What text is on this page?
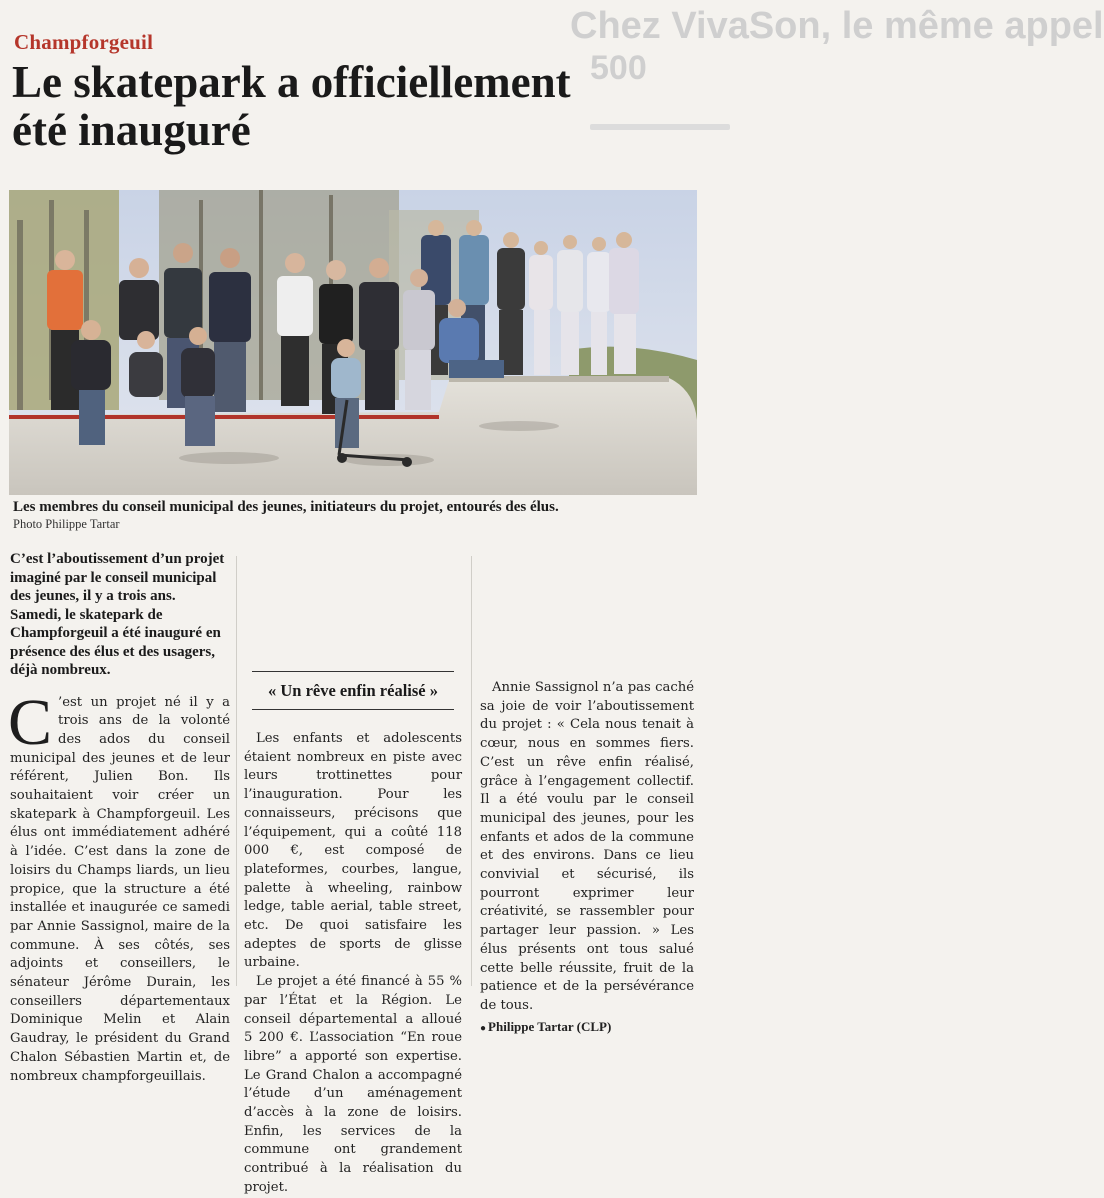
Chez VivaSon, le même appel
500
Champforgeuil
Le skatepark a officiellement été inauguré
Les membres du conseil municipal des jeunes, initiateurs du projet, entourés des élus.
Photo Philippe Tartar

C’est l’aboutissement d’un projet imaginé par le conseil municipal des jeunes, il y a trois ans. Samedi, le skatepark de Champforgeuil a été inauguré en présence des élus et des usagers, déjà nombreux.

C ’est un projet né il y a trois ans de la volonté des ados du conseil municipal des jeunes et de leur référent, Julien Bon. Ils souhaitaient voir créer un skatepark à Champforgeuil. Les élus ont immédiatement adhéré à l’idée. C’est dans la zone de loisirs du Champs liards, un lieu propice, que la structure a été installée et inaugurée ce samedi par Annie Sassignol, maire de la commune. À ses côtés, ses adjoints et conseillers, le sénateur Jérôme Durain, les conseillers départementaux Dominique Melin et Alain Gaudray, le président du Grand Chalon Sébastien Martin et, de nombreux champforgeuillais.

« Un rêve enfin réalisé »

Les enfants et adolescents étaient nombreux en piste avec leurs trottinettes pour l’inauguration. Pour les connaisseurs, précisons que l’équipement, qui a coûté 118 000 €, est composé de plateformes, courbes, langue, palette à wheeling, rainbow ledge, table aerial, table street, etc. De quoi satisfaire les adeptes de sports de glisse urbaine.

Le projet a été financé à 55 % par l’État et la Région. Le conseil départemental a alloué 5 200 €. L’association “En roue libre” a apporté son expertise. Le Grand Chalon a accompagné l’étude d’un aménagement d’accès à la zone de loisirs. Enfin, les services de la commune ont grandement contribué à la réalisation du projet.

Annie Sassignol n’a pas caché sa joie de voir l’aboutissement du projet : « Cela nous tenait à cœur, nous en sommes fiers. C’est un rêve enfin réalisé, grâce à l’engagement collectif. Il a été voulu par le conseil municipal des jeunes, pour les enfants et ados de la commune et des environs. Dans ce lieu convivial et sécurisé, ils pourront exprimer leur créativité, se rassembler pour partager leur passion. » Les élus présents ont tous salué cette belle réussite, fruit de la patience et de la persévérance de tous.

● Philippe Tartar (CLP)
